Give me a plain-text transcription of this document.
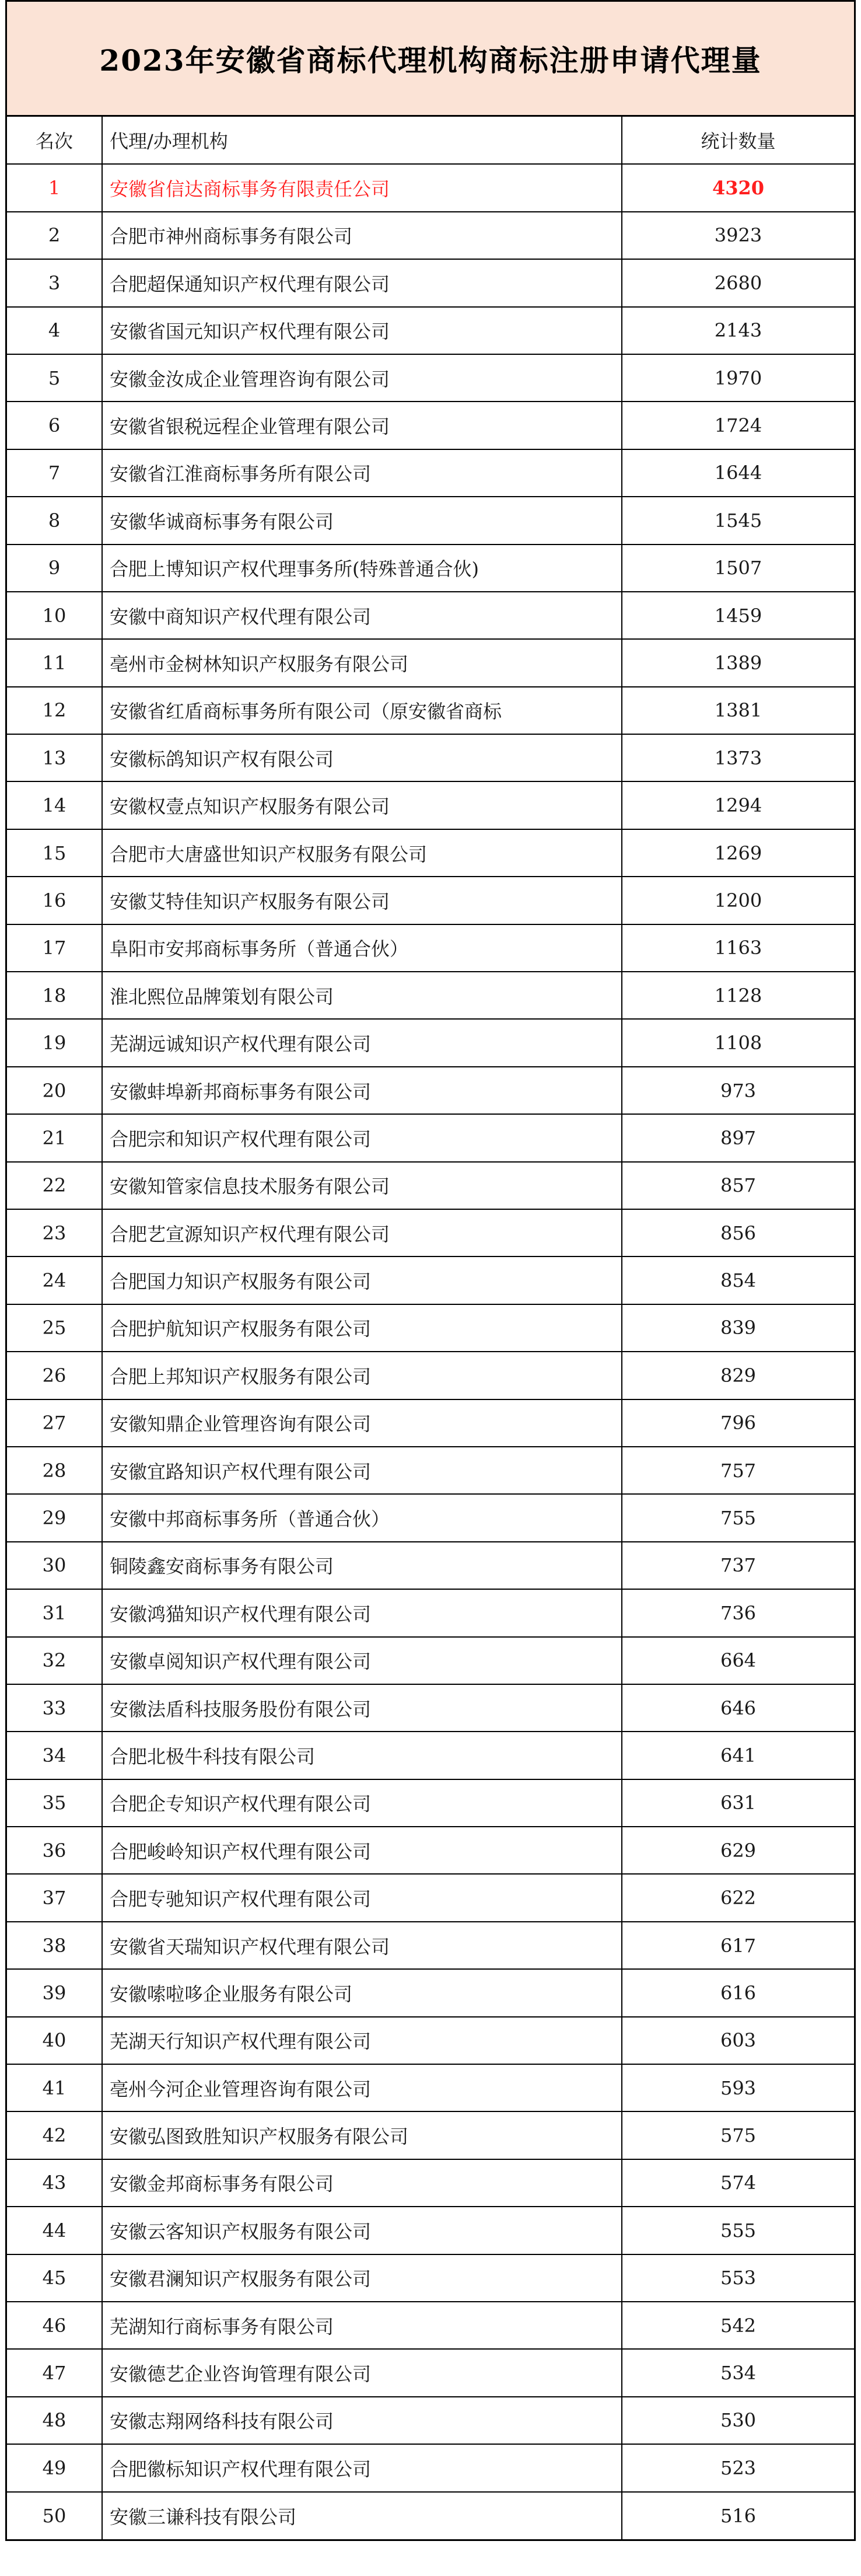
2023年安徽省商标代理机构商标注册申请代理量
名次	代理/办理机构	统计数量
1	安徽省信达商标事务有限责任公司	4320
2	合肥市神州商标事务有限公司	3923
3	合肥超保通知识产权代理有限公司	2680
4	安徽省国元知识产权代理有限公司	2143
5	安徽金汝成企业管理咨询有限公司	1970
6	安徽省银税远程企业管理有限公司	1724
7	安徽省江淮商标事务所有限公司	1644
8	安徽华诚商标事务有限公司	1545
9	合肥上博知识产权代理事务所(特殊普通合伙)	1507
10	安徽中商知识产权代理有限公司	1459
11	亳州市金树林知识产权服务有限公司	1389
12	安徽省红盾商标事务所有限公司（原安徽省商标	1381
13	安徽标鸽知识产权有限公司	1373
14	安徽权壹点知识产权服务有限公司	1294
15	合肥市大唐盛世知识产权服务有限公司	1269
16	安徽艾特佳知识产权服务有限公司	1200
17	阜阳市安邦商标事务所（普通合伙）	1163
18	淮北熙位品牌策划有限公司	1128
19	芜湖远诚知识产权代理有限公司	1108
20	安徽蚌埠新邦商标事务有限公司	973
21	合肥宗和知识产权代理有限公司	897
22	安徽知管家信息技术服务有限公司	857
23	合肥艺宣源知识产权代理有限公司	856
24	合肥国力知识产权服务有限公司	854
25	合肥护航知识产权服务有限公司	839
26	合肥上邦知识产权服务有限公司	829
27	安徽知鼎企业管理咨询有限公司	796
28	安徽宜路知识产权代理有限公司	757
29	安徽中邦商标事务所（普通合伙）	755
30	铜陵鑫安商标事务有限公司	737
31	安徽鸿猫知识产权代理有限公司	736
32	安徽卓阅知识产权代理有限公司	664
33	安徽法盾科技服务股份有限公司	646
34	合肥北极牛科技有限公司	641
35	合肥企专知识产权代理有限公司	631
36	合肥峻岭知识产权代理有限公司	629
37	合肥专驰知识产权代理有限公司	622
38	安徽省天瑞知识产权代理有限公司	617
39	安徽嗦啦哆企业服务有限公司	616
40	芜湖天行知识产权代理有限公司	603
41	亳州今河企业管理咨询有限公司	593
42	安徽弘图致胜知识产权服务有限公司	575
43	安徽金邦商标事务有限公司	574
44	安徽云客知识产权服务有限公司	555
45	安徽君澜知识产权服务有限公司	553
46	芜湖知行商标事务有限公司	542
47	安徽德艺企业咨询管理有限公司	534
48	安徽志翔网络科技有限公司	530
49	合肥徽标知识产权代理有限公司	523
50	安徽三谦科技有限公司	516
